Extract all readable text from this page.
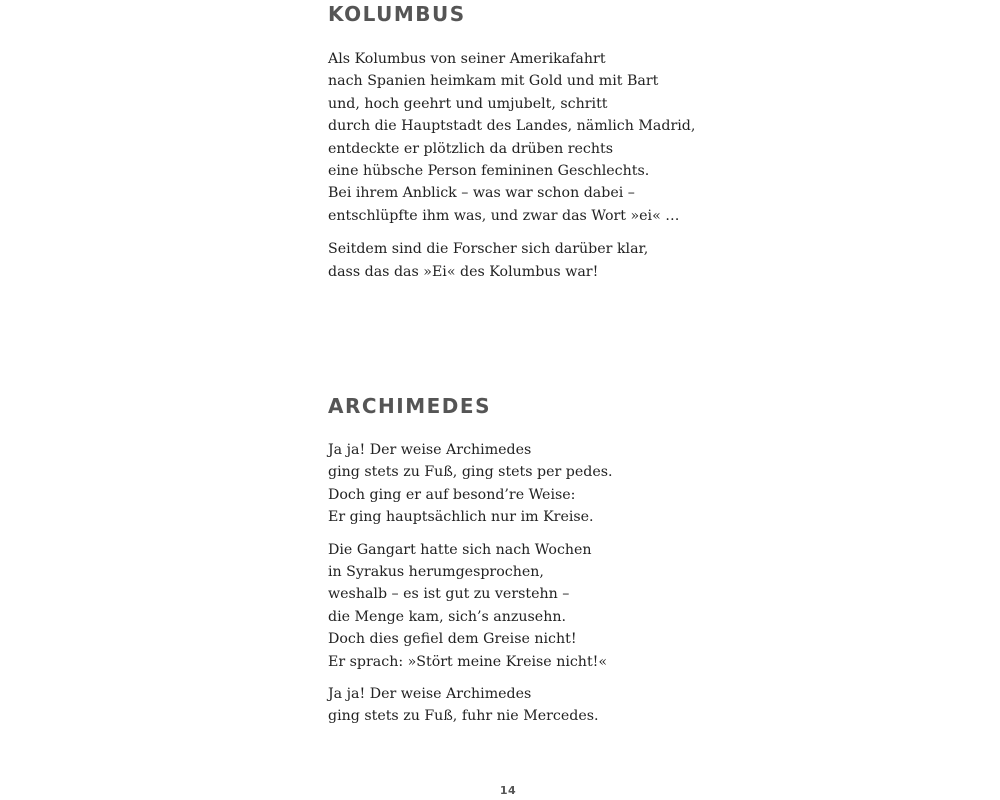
KOLUMBUS
Als Kolumbus von seiner Amerikafahrt
nach Spanien heimkam mit Gold und mit Bart
und, hoch geehrt und umjubelt, schritt
durch die Hauptstadt des Landes, nämlich Madrid,
entdeckte er plötzlich da drüben rechts
eine hübsche Person femininen Geschlechts.
Bei ihrem Anblick – was war schon dabei –
entschlüpfte ihm was, und zwar das Wort »ei« …
Seitdem sind die Forscher sich darüber klar,
dass das das »Ei« des Kolumbus war!
ARCHIMEDES
Ja ja! Der weise Archimedes
ging stets zu Fuß, ging stets per pedes.
Doch ging er auf besond’re Weise:
Er ging hauptsächlich nur im Kreise.
Die Gangart hatte sich nach Wochen
in Syrakus herumgesprochen,
weshalb – es ist gut zu verstehn –
die Menge kam, sich’s anzusehn.
Doch dies gefiel dem Greise nicht!
Er sprach: »Stört meine Kreise nicht!«
Ja ja! Der weise Archimedes
ging stets zu Fuß, fuhr nie Mercedes.
14
